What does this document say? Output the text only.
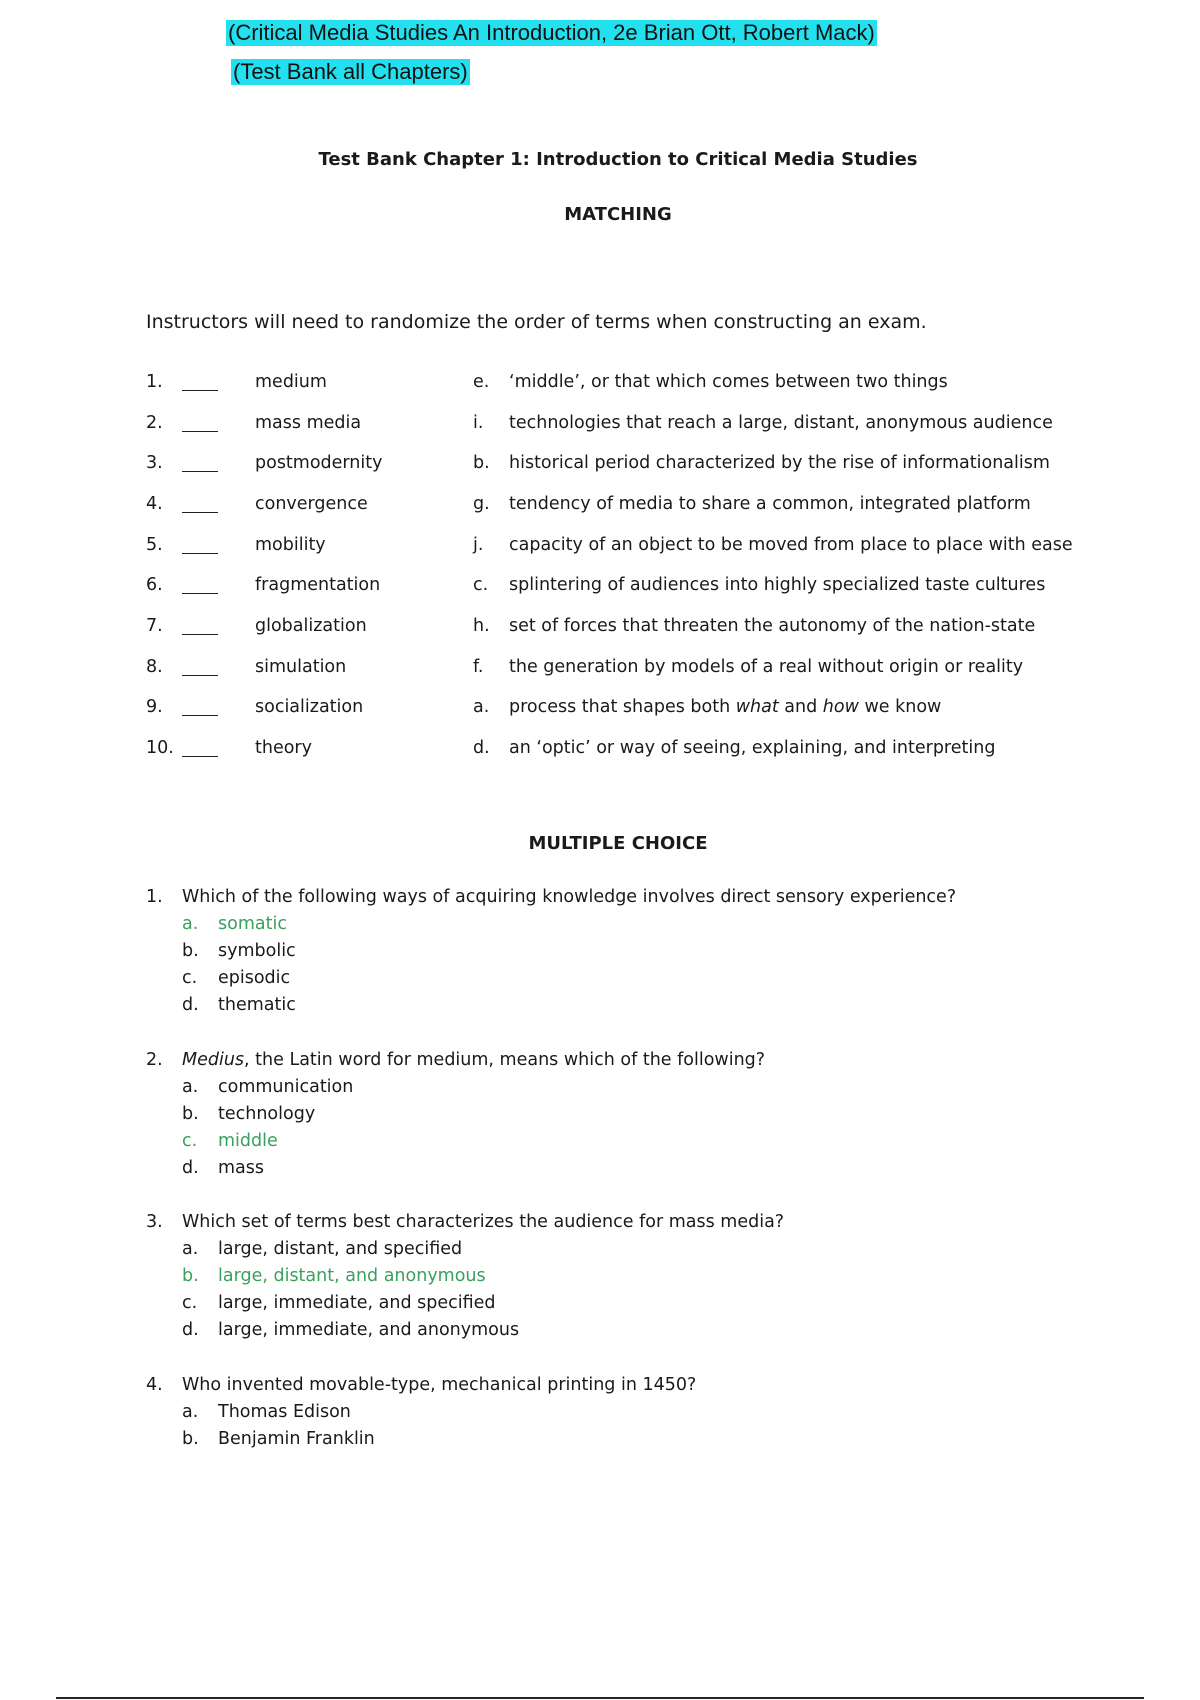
(Critical Media Studies An Introduction, 2e Brian Ott, Robert Mack)
(Test Bank all Chapters)
Test Bank Chapter 1: Introduction to Critical Media Studies
MATCHING
Instructors will need to randomize the order of terms when constructing an exam.
1.	medium	e. ‘middle’, or that which comes between two things
2.	mass media	i. technologies that reach a large, distant, anonymous audience
3.	postmodernity	b. historical period characterized by the rise of informationalism
4.	convergence	g. tendency of media to share a common, integrated platform
5.	mobility	j. capacity of an object to be moved from place to place with ease
6.	fragmentation	c. splintering of audiences into highly specialized taste cultures
7.	globalization	h. set of forces that threaten the autonomy of the nation-state
8.	simulation	f. the generation by models of a real without origin or reality
9.	socialization	a. process that shapes both what and how we know
10.	theory	d. an ‘optic’ or way of seeing, explaining, and interpreting
MULTIPLE CHOICE
1. Which of the following ways of acquiring knowledge involves direct sensory experience?
a. somatic
b. symbolic
c. episodic
d. thematic
2. Medius, the Latin word for medium, means which of the following?
a. communication
b. technology
c. middle
d. mass
3. Which set of terms best characterizes the audience for mass media?
a. large, distant, and specified
b. large, distant, and anonymous
c. large, immediate, and specified
d. large, immediate, and anonymous
4. Who invented movable-type, mechanical printing in 1450?
a. Thomas Edison
b. Benjamin Franklin
